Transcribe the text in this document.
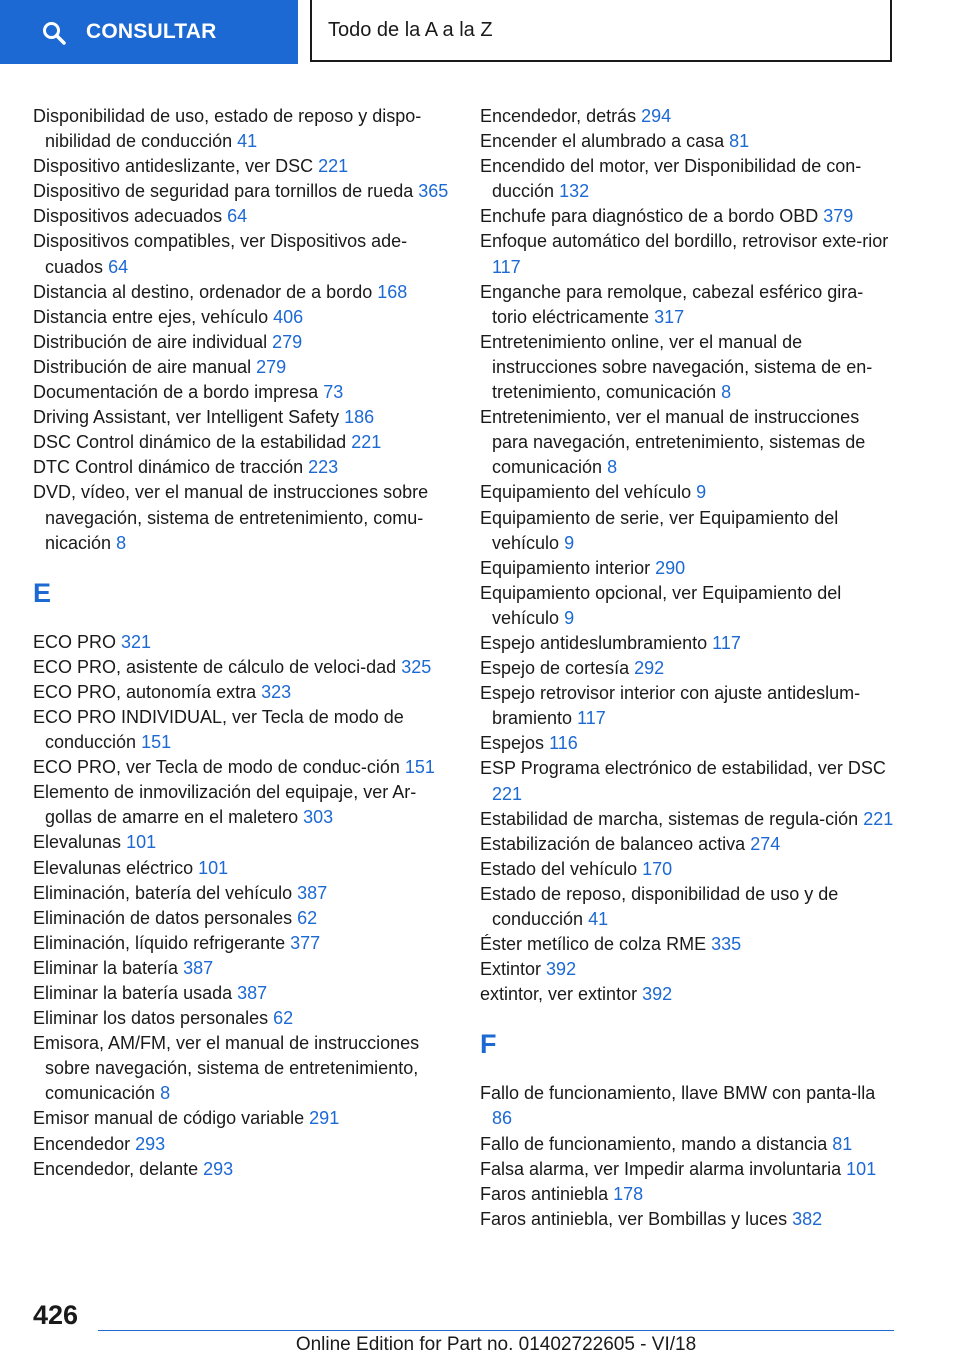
CONSULTAR	Todo de la A a la Z

Disponibilidad de uso, estado de reposo y dispo-nibilidad de conducción 41

Dispositivo antideslizante, ver DSC 221

Dispositivo de seguridad para tornillos de rueda 365

Dispositivos adecuados 64

Dispositivos compatibles, ver Dispositivos ade-cuados 64

Distancia al destino, ordenador de a bordo 168

Distancia entre ejes, vehículo 406

Distribución de aire individual 279

Distribución de aire manual 279

Documentación de a bordo impresa 73

Driving Assistant, ver Intelligent Safety 186

DSC Control dinámico de la estabilidad 221

DTC Control dinámico de tracción 223

DVD, vídeo, ver el manual de instrucciones sobre navegación, sistema de entretenimiento, comu-nicación 8

E

ECO PRO 321

ECO PRO, asistente de cálculo de veloci-dad 325

ECO PRO, autonomía extra 323

ECO PRO INDIVIDUAL, ver Tecla de modo de conducción 151

ECO PRO, ver Tecla de modo de conduc-ción 151

Elemento de inmovilización del equipaje, ver Ar-gollas de amarre en el maletero 303

Elevalunas 101

Elevalunas eléctrico 101

Eliminación, batería del vehículo 387

Eliminación de datos personales 62

Eliminación, líquido refrigerante 377

Eliminar la batería 387

Eliminar la batería usada 387

Eliminar los datos personales 62

Emisora, AM/FM, ver el manual de instrucciones sobre navegación, sistema de entretenimiento, comunicación 8

Emisor manual de código variable 291

Encendedor 293

Encendedor, delante 293

Encendedor, detrás 294

Encender el alumbrado a casa 81

Encendido del motor, ver Disponibilidad de con-ducción 132

Enchufe para diagnóstico de a bordo OBD 379

Enfoque automático del bordillo, retrovisor exte-rior 117

Enganche para remolque, cabezal esférico gira-torio eléctricamente 317

Entretenimiento online, ver el manual de instrucciones sobre navegación, sistema de en-tretenimiento, comunicación 8

Entretenimiento, ver el manual de instrucciones para navegación, entretenimiento, sistemas de comunicación 8

Equipamiento del vehículo 9

Equipamiento de serie, ver Equipamiento del vehículo 9

Equipamiento interior 290

Equipamiento opcional, ver Equipamiento del vehículo 9

Espejo antideslumbramiento 117

Espejo de cortesía 292

Espejo retrovisor interior con ajuste antideslum-bramiento 117

Espejos 116

ESP Programa electrónico de estabilidad, ver DSC 221

Estabilidad de marcha, sistemas de regula-ción 221

Estabilización de balanceo activa 274

Estado del vehículo 170

Estado de reposo, disponibilidad de uso y de conducción 41

Éster metílico de colza RME 335

Extintor 392

extintor, ver extintor 392

F

Fallo de funcionamiento, llave BMW con panta-lla 86

Fallo de funcionamiento, mando a distancia 81

Falsa alarma, ver Impedir alarma involuntaria 101

Faros antiniebla 178

Faros antiniebla, ver Bombillas y luces 382

426
Online Edition for Part no. 01402722605 - VI/18
